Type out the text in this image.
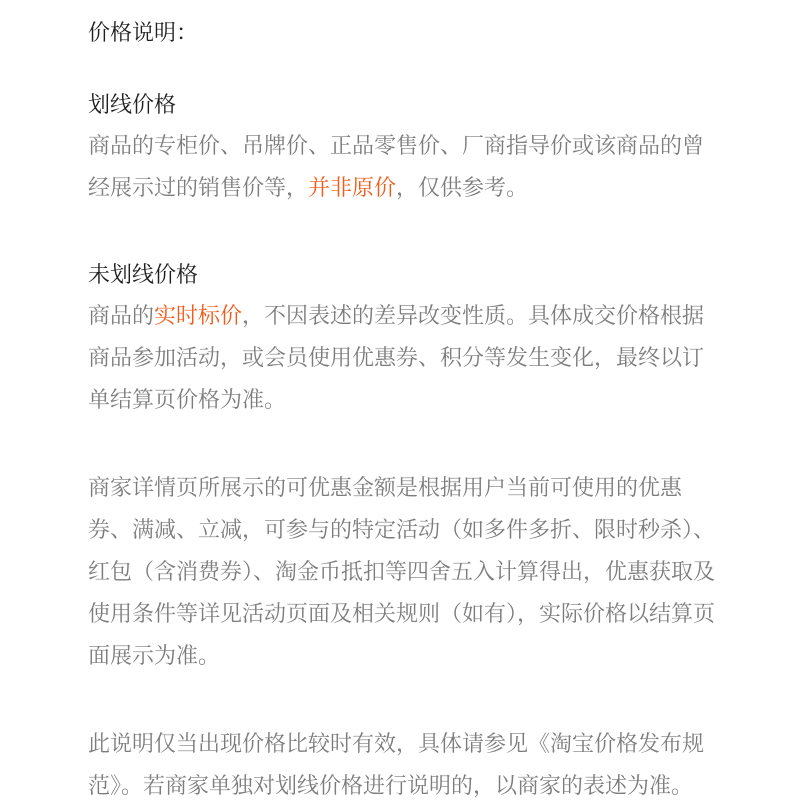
价格说明：
划线价格

商品的专柜价、吊牌价、正品零售价、厂商指导价或该商品的曾经展示过的销售价等，并非原价，仅供参考。

未划线价格

商品的实时标价，不因表述的差异改变性质。具体成交价格根据商品参加活动，或会员使用优惠券、积分等发生变化，最终以订单结算页价格为准。

商家详情页所展示的可优惠金额是根据用户当前可使用的优惠券、满减、立减，可参与的特定活动（如多件多折、限时秒杀）、红包（含消费券）、淘金币抵扣等四舍五入计算得出，优惠获取及使用条件等详见活动页面及相关规则（如有），实际价格以结算页面展示为准。

此说明仅当出现价格比较时有效，具体请参见《淘宝价格发布规范》。若商家单独对划线价格进行说明的，以商家的表述为准。
